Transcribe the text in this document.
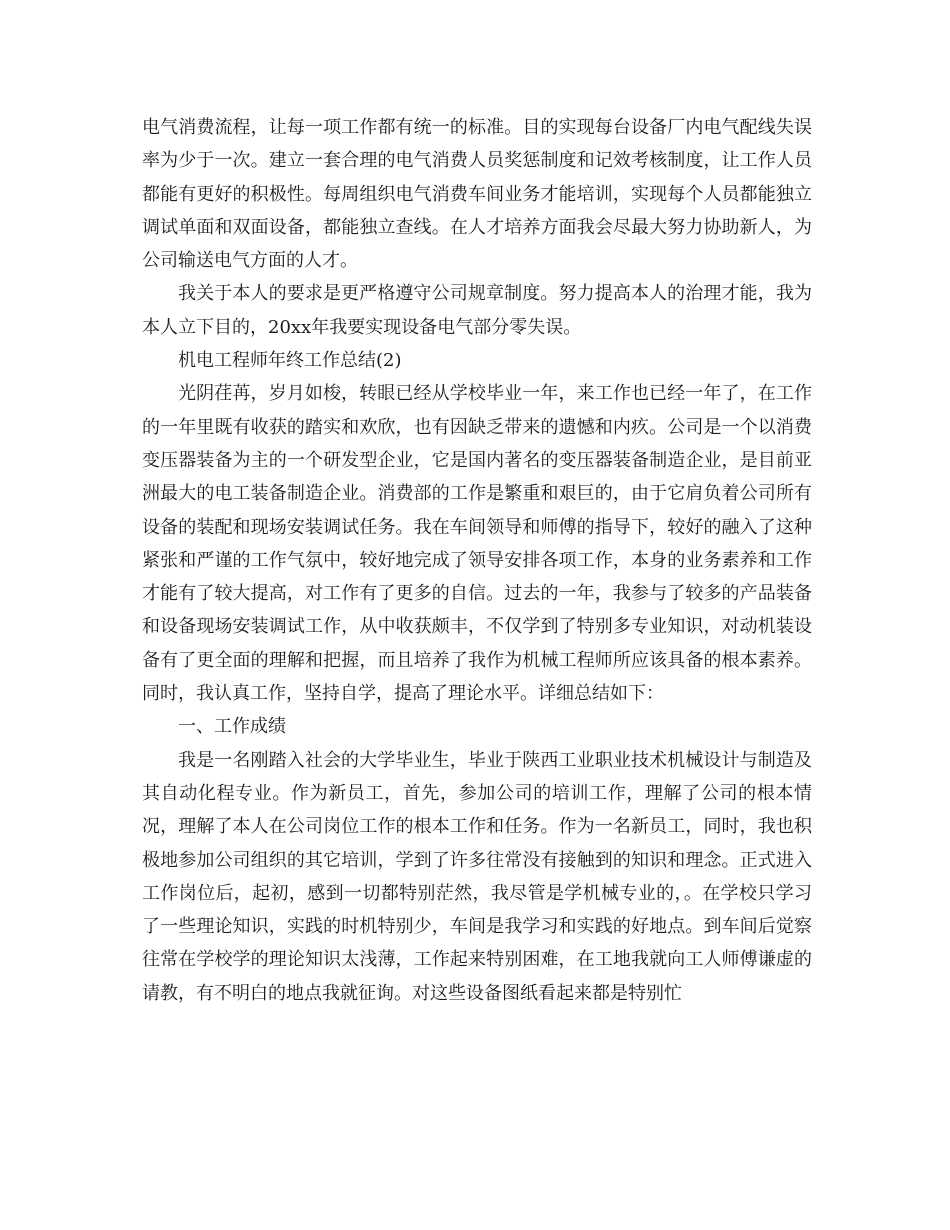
电气消费流程，让每一项工作都有统一的标准。目的实现每台设备厂内电气配线失误率为少于一次。建立一套合理的电气消费人员奖惩制度和记效考核制度，让工作人员都能有更好的积极性。每周组织电气消费车间业务才能培训，实现每个人员都能独立调试单面和双面设备，都能独立查线。在人才培养方面我会尽最大努力协助新人，为公司输送电气方面的人才。

我关于本人的要求是更严格遵守公司规章制度。努力提高本人的治理才能，我为本人立下目的，20xx年我要实现设备电气部分零失误。

机电工程师年终工作总结(2)

光阴荏苒，岁月如梭，转眼已经从学校毕业一年，来工作也已经一年了，在工作的一年里既有收获的踏实和欢欣，也有因缺乏带来的遗憾和内疚。公司是一个以消费变压器装备为主的一个研发型企业，它是国内著名的变压器装备制造企业，是目前亚洲最大的电工装备制造企业。消费部的工作是繁重和艰巨的，由于它肩负着公司所有设备的装配和现场安装调试任务。我在车间领导和师傅的指导下，较好的融入了这种紧张和严谨的工作气氛中，较好地完成了领导安排各项工作，本身的业务素养和工作才能有了较大提高，对工作有了更多的自信。过去的一年，我参与了较多的产品装备和设备现场安装调试工作，从中收获颇丰，不仅学到了特别多专业知识，对动机装设备有了更全面的理解和把握，而且培养了我作为机械工程师所应该具备的根本素养。同时，我认真工作，坚持自学，提高了理论水平。详细总结如下：

一、工作成绩

我是一名刚踏入社会的大学毕业生，毕业于陕西工业职业技术机械设计与制造及其自动化程专业。作为新员工，首先，参加公司的培训工作，理解了公司的根本情况，理解了本人在公司岗位工作的根本工作和任务。作为一名新员工，同时，我也积极地参加公司组织的其它培训，学到了许多往常没有接触到的知识和理念。正式进入工作岗位后，起初，感到一切都特别茫然，我尽管是学机械专业的，。在学校只学习了一些理论知识，实践的时机特别少，车间是我学习和实践的好地点。到车间后觉察往常在学校学的理论知识太浅薄，工作起来特别困难，在工地我就向工人师傅谦虚的请教，有不明白的地点我就征询。对这些设备图纸看起来都是特别忙
